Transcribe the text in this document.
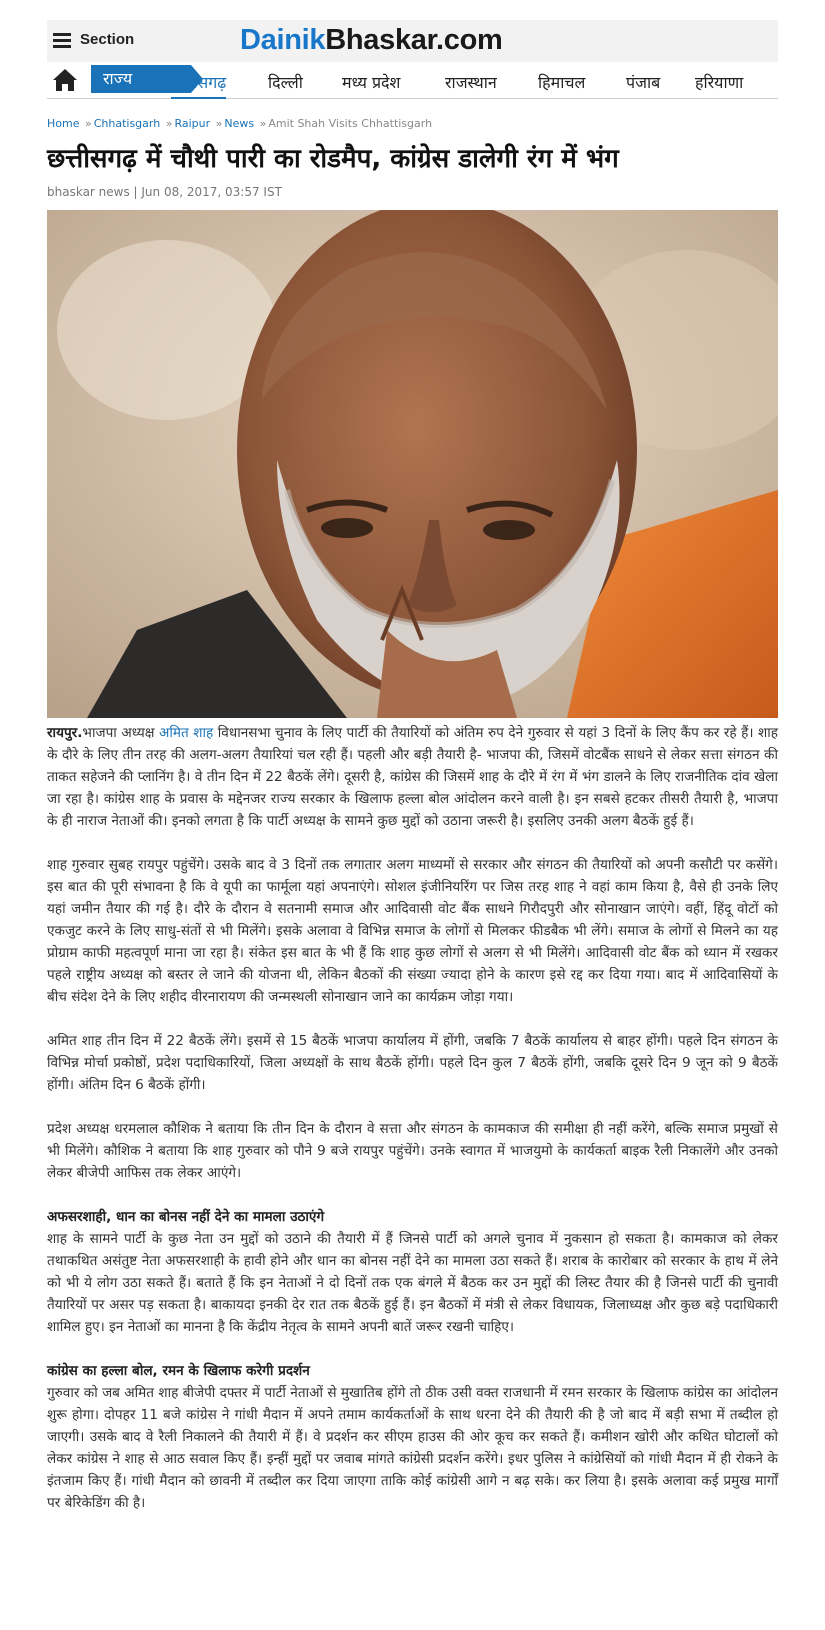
Section	DainikBhaskar.com
राज्य	छत्तीसगढ़	दिल्ली मध्य प्रदेश	राजस्थान	हिमाचल	पंजाब हरियाणा
Home » Chhatisgarh » Raipur » News » Amit Shah Visits Chhattisgarh
छत्तीसगढ़ में चौथी पारी का रोडमैप, कांग्रेस डालेगी रंग में भंग
bhaskar news | Jun 08, 2017, 03:57 IST

रायपुर.भाजपा अध्यक्ष अमित शाह विधानसभा चुनाव के लिए पार्टी की तैयारियों को अंतिम रुप देने गुरुवार से यहां 3 दिनों के लिए कैंप कर रहे हैं। शाह के दौरे के लिए तीन तरह की अलग-अलग तैयारियां चल रही हैं। पहली और बड़ी तैयारी है- भाजपा की, जिसमें वोटबैंक साधने से लेकर सत्ता संगठन की ताकत सहेजने की प्लानिंग है। वे तीन दिन में 22 बैठकें लेंगे। दूसरी है, कांग्रेस की जिसमें शाह के दौरे में रंग में भंग डालने के लिए राजनीतिक दांव खेला जा रहा है। कांग्रेस शाह के प्रवास के मद्देनजर राज्य सरकार के खिलाफ हल्ला बोल आंदोलन करने वाली है। इन सबसे हटकर तीसरी तैयारी है, भाजपा के ही नाराज नेताओं की। इनको लगता है कि पार्टी अध्यक्ष के सामने कुछ मुद्दों को उठाना जरूरी है। इसलिए उनकी अलग बैठकें हुई हैं।

शाह गुरुवार सुबह रायपुर पहुंचेंगे। उसके बाद वे 3 दिनों तक लगातार अलग माध्यमों से सरकार और संगठन की तैयारियों को अपनी कसौटी पर कसेंगे। इस बात की पूरी संभावना है कि वे यूपी का फार्मूला यहां अपनाएंगे। सोशल इंजीनियरिंग पर जिस तरह शाह ने वहां काम किया है, वैसे ही उनके लिए यहां जमीन तैयार की गई है। दौरे के दौरान वे सतनामी समाज और आदिवासी वोट बैंक साधने गिरौदपुरी और सोनाखान जाएंगे। वहीं, हिंदू वोटों को एकजुट करने के लिए साधु-संतों से भी मिलेंगे। इसके अलावा वे विभिन्न समाज के लोगों से मिलकर फीडबैक भी लेंगे। समाज के लोगों से मिलने का यह प्रोग्राम काफी महत्वपूर्ण माना जा रहा है। संकेत इस बात के भी हैं कि शाह कुछ लोगों से अलग से भी मिलेंगे। आदिवासी वोट बैंक को ध्यान में रखकर पहले राष्ट्रीय अध्यक्ष को बस्तर ले जाने की योजना थी, लेकिन बैठकों की संख्या ज्यादा होने के कारण इसे रद्द कर दिया गया। बाद में आदिवासियों के बीच संदेश देने के लिए शहीद वीरनारायण की जन्मस्थली सोनाखान जाने का कार्यक्रम जोड़ा गया।

अमित शाह तीन दिन में 22 बैठकें लेंगे। इसमें से 15 बैठकें भाजपा कार्यालय में होंगी, जबकि 7 बैठकें कार्यालय से बाहर होंगी। पहले दिन संगठन के विभिन्न मोर्चा प्रकोष्ठों, प्रदेश पदाधिकारियों, जिला अध्यक्षों के साथ बैठकें होंगी। पहले दिन कुल 7 बैठकें होंगी, जबकि दूसरे दिन 9 जून को 9 बैठकें होंगी। अंतिम दिन 6 बैठकें होंगी।

प्रदेश अध्यक्ष धरमलाल कौशिक ने बताया कि तीन दिन के दौरान वे सत्ता और संगठन के कामकाज की समीक्षा ही नहीं करेंगे, बल्कि समाज प्रमुखों से भी मिलेंगे। कौशिक ने बताया कि शाह गुरुवार को पौने 9 बजे रायपुर पहुंचेंगे। उनके स्वागत में भाजयुमो के कार्यकर्ता बाइक रैली निकालेंगे और उनको लेकर बीजेपी आफिस तक लेकर आएंगे।

अफसरशाही, धान का बोनस नहीं देने का मामला उठाएंगे

शाह के सामने पार्टी के कुछ नेता उन मुद्दों को उठाने की तैयारी में हैं जिनसे पार्टी को अगले चुनाव में नुकसान हो सकता है। कामकाज को लेकर तथाकथित असंतुष्ट नेता अफसरशाही के हावी होने और धान का बोनस नहीं देने का मामला उठा सकते हैं। शराब के कारोबार को सरकार के हाथ में लेने को भी ये लोग उठा सकते हैं। बताते हैं कि इन नेताओं ने दो दिनों तक एक बंगले में बैठक कर उन मुद्दों की लिस्ट तैयार की है जिनसे पार्टी की चुनावी तैयारियों पर असर पड़ सकता है। बाकायदा इनकी देर रात तक बैठकें हुई हैं। इन बैठकों में मंत्री से लेकर विधायक, जिलाध्यक्ष और कुछ बड़े पदाधिकारी शामिल हुए। इन नेताओं का मानना है कि केंद्रीय नेतृत्व के सामने अपनी बातें जरूर रखनी चाहिए।

कांग्रेस का हल्ला बोल, रमन के खिलाफ करेगी प्रदर्शन

गुरुवार को जब अमित शाह बीजेपी दफ्तर में पार्टी नेताओं से मुखातिब होंगे तो ठीक उसी वक्त राजधानी में रमन सरकार के खिलाफ कांग्रेस का आंदोलन शुरू होगा। दोपहर 11 बजे कांग्रेस ने गांधी मैदान में अपने तमाम कार्यकर्ताओं के साथ धरना देने की तैयारी की है जो बाद में बड़ी सभा में तब्दील हो जाएगी। उसके बाद वे रैली निकालने की तैयारी में हैं। वे प्रदर्शन कर सीएम हाउस की ओर कूच कर सकते हैं। कमीशन खोरी और कथित घोटालों को लेकर कांग्रेस ने शाह से आठ सवाल किए हैं। इन्हीं मुद्दों पर जवाब मांगते कांग्रेसी प्रदर्शन करेंगे। इधर पुलिस ने कांग्रेसियों को गांधी मैदान में ही रोकने के इंतजाम किए हैं। गांधी मैदान को छावनी में तब्दील कर दिया जाएगा ताकि कोई कांग्रेसी आगे न बढ़ सके। कर लिया है। इसके अलावा कई प्रमुख मार्गों पर बेरिकेडिंग की है।
